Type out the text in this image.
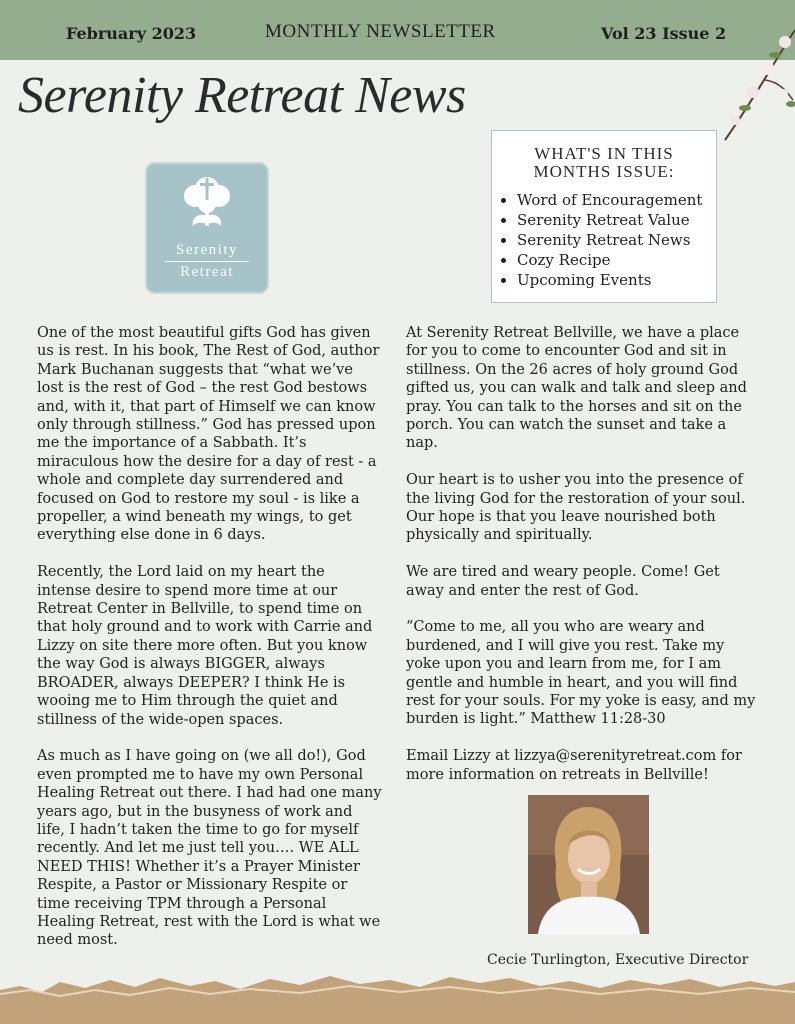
February 2023	MONTHLY NEWSLETTER	Vol 23 Issue 2
Serenity Retreat News
Serenity
Retreat
WHAT'S IN THIS
MONTHS ISSUE:
• Word of Encouragement
• Serenity Retreat Value
• Serenity Retreat News
• Cozy Recipe
• Upcoming Events

One of the most beautiful gifts God has given us is rest. In his book, The Rest of God, author Mark Buchanan suggests that “what we’ve lost is the rest of God – the rest God bestows and, with it, that part of Himself we can know only through stillness.” God has pressed upon me the importance of a Sabbath. It’s miraculous how the desire for a day of rest - a whole and complete day surrendered and focused on God to restore my soul - is like a propeller, a wind beneath my wings, to get everything else done in 6 days.

Recently, the Lord laid on my heart the intense desire to spend more time at our Retreat Center in Bellville, to spend time on that holy ground and to work with Carrie and Lizzy on site there more often. But you know the way God is always BIGGER, always BROADER, always DEEPER? I think He is wooing me to Him through the quiet and stillness of the wide-open spaces.

As much as I have going on (we all do!), God even prompted me to have my own Personal Healing Retreat out there. I had had one many years ago, but in the busyness of work and life, I hadn’t taken the time to go for myself recently. And let me just tell you…. WE ALL NEED THIS! Whether it’s a Prayer Minister Respite, a Pastor or Missionary Respite or time receiving TPM through a Personal Healing Retreat, rest with the Lord is what we need most.

At Serenity Retreat Bellville, we have a place for you to come to encounter God and sit in stillness. On the 26 acres of holy ground God gifted us, you can walk and talk and sleep and pray. You can talk to the horses and sit on the porch. You can watch the sunset and take a nap.

Our heart is to usher you into the presence of the living God for the restoration of your soul. Our hope is that you leave nourished both physically and spiritually.

We are tired and weary people. Come! Get away and enter the rest of God.

“Come to me, all you who are weary and burdened, and I will give you rest. Take my yoke upon you and learn from me, for I am gentle and humble in heart, and you will find rest for your souls. For my yoke is easy, and my burden is light.” Matthew 11:28-30

Email Lizzy at lizzya@serenityretreat.com for more information on retreats in Bellville!

Cecie Turlington, Executive Director
